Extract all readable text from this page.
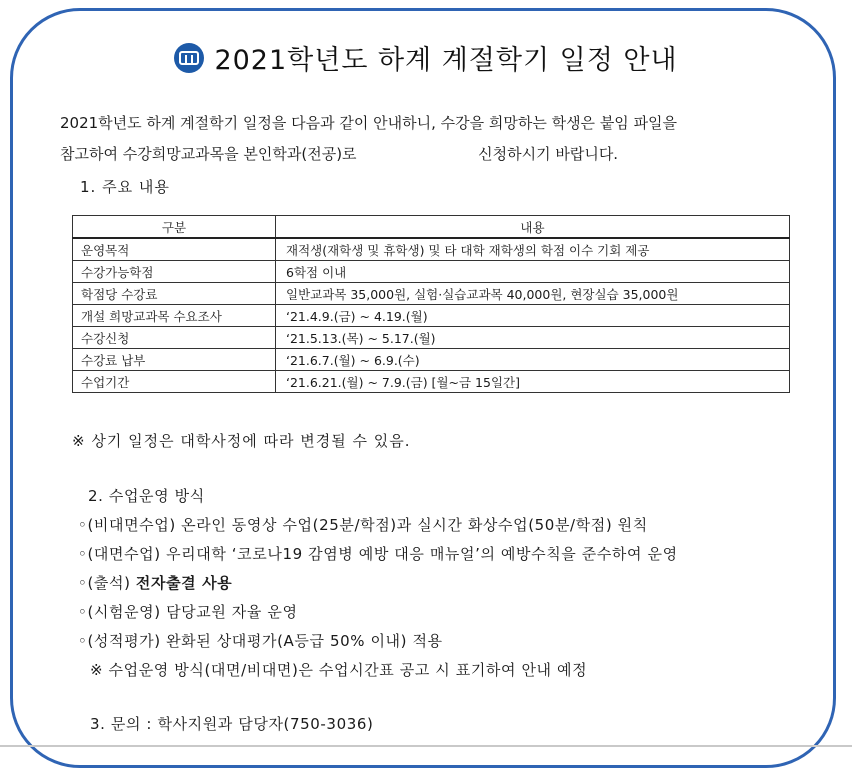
2021학년도 하계 계절학기 일정 안내

2021학년도 하계 계절학기 일정을 다음과 같이 안내하니, 수강을 희망하는 학생은 붙임 파일을

참고하여 수강희망교과목을 본인학과(전공)로	신청하시기 바랍니다.

1. 주요 내용
구분	내용
운영목적	재적생(재학생 및 휴학생) 및 타 대학 재학생의 학점 이수 기회 제공
수강가능학점	6학점 이내
학점당 수강료	일반교과목 35,000원, 실험·실습교과목 40,000원, 현장실습 35,000원
개설 희망교과목 수요조사	‘21.4.9.(금) ~ 4.19.(월)
수강신청	‘21.5.13.(목) ~ 5.17.(월)
수강료 납부	‘21.6.7.(월) ~ 6.9.(수)
수업기간	‘21.6.21.(월) ~ 7.9.(금) [월~금 15일간]
※ 상기 일정은 대학사정에 따라 변경될 수 있음.
2. 수업운영 방식
◦(비대면수업) 온라인 동영상 수업(25분/학점)과 실시간 화상수업(50분/학점) 원칙
◦(대면수업) 우리대학 ‘코로나19 감염병 예방 대응 매뉴얼’의 예방수칙을 준수하여 운영
◦(출석) 전자출결 사용
◦(시험운영) 담당교원 자율 운영
◦(성적평가) 완화된 상대평가(A등급 50% 이내) 적용
※ 수업운영 방식(대면/비대면)은 수업시간표 공고 시 표기하여 안내 예정
3. 문의 : 학사지원과 담당자(750-3036)
